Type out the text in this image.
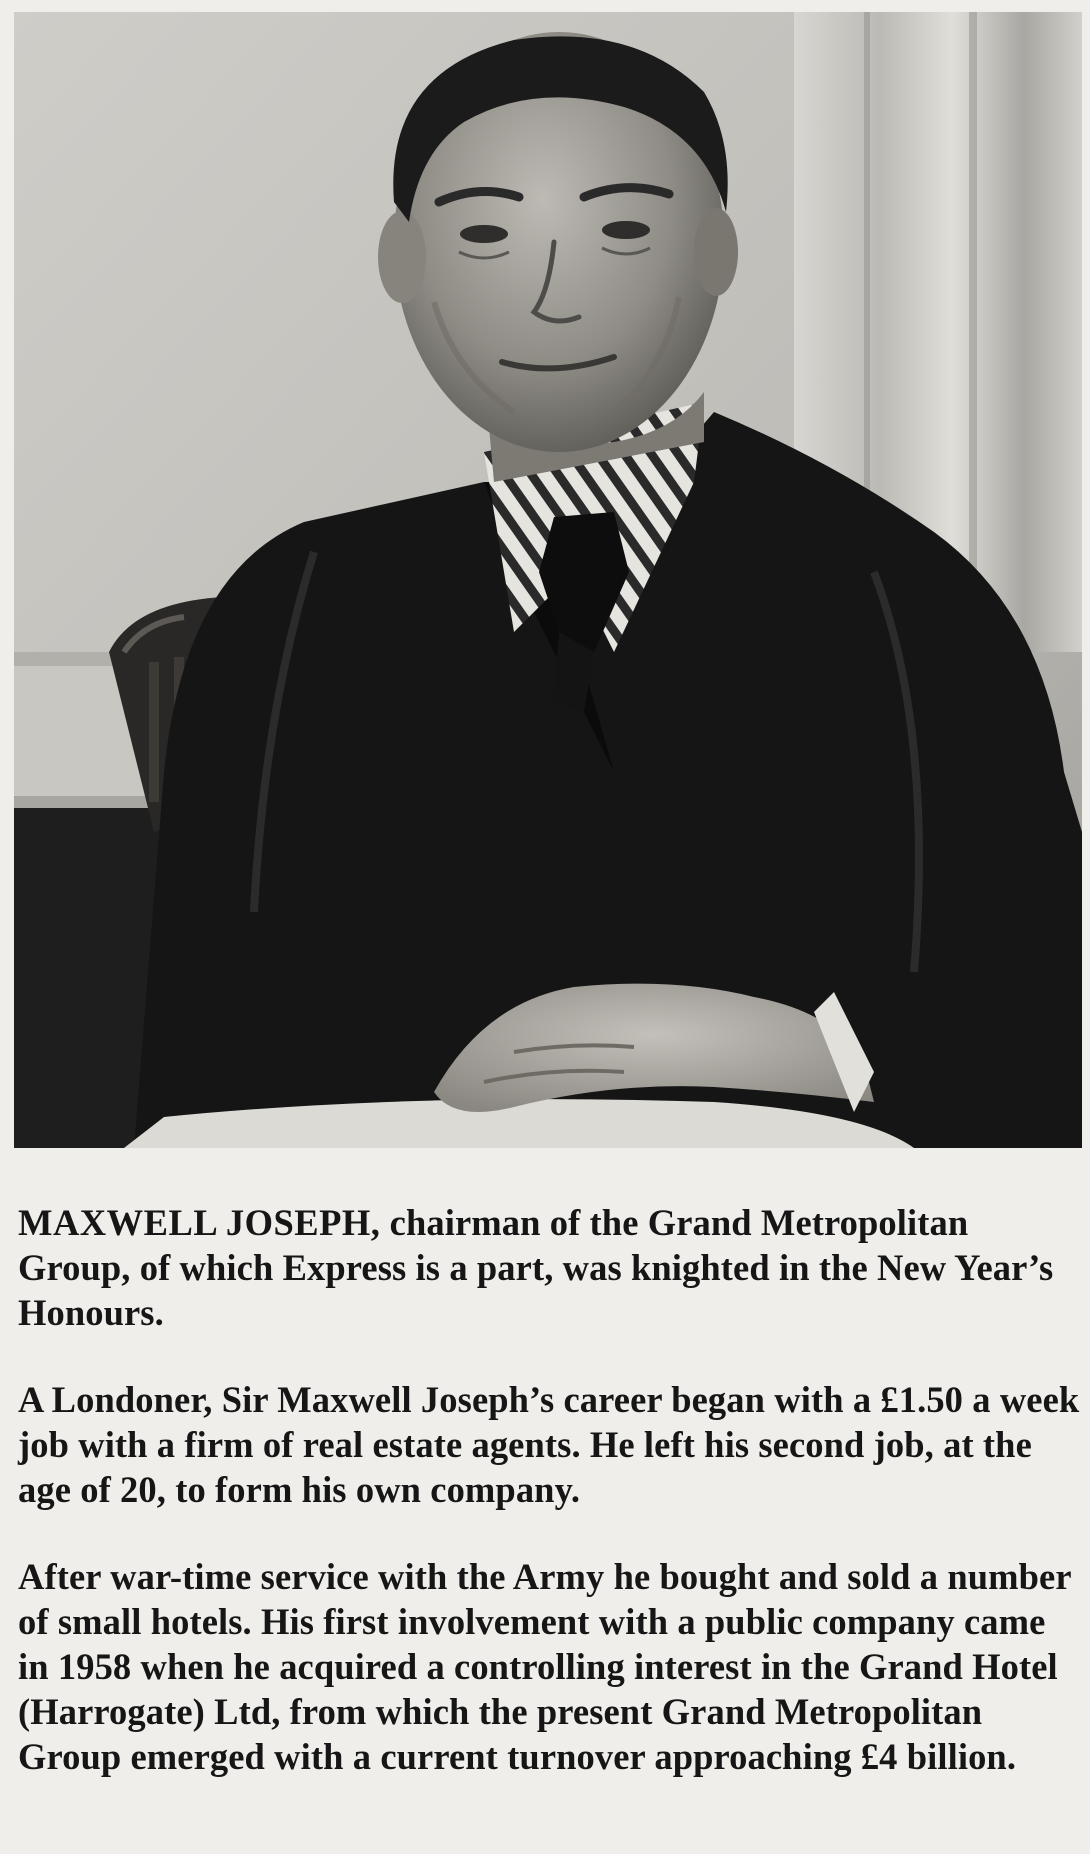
MAXWELL JOSEPH, chairman of the Grand Metropolitan Group, of which Express is a part, was knighted in the New Year’s Honours.

A Londoner, Sir Maxwell Joseph’s career began with a £1.50 a week job with a firm of real estate agents. He left his second job, at the age of 20, to form his own company.

After war-time service with the Army he bought and sold a number of small hotels. His first involvement with a public company came in 1958 when he acquired a controlling interest in the Grand Hotel (Harrogate) Ltd, from which the present Grand Metropolitan Group emerged with a current turnover approaching £4 billion.
